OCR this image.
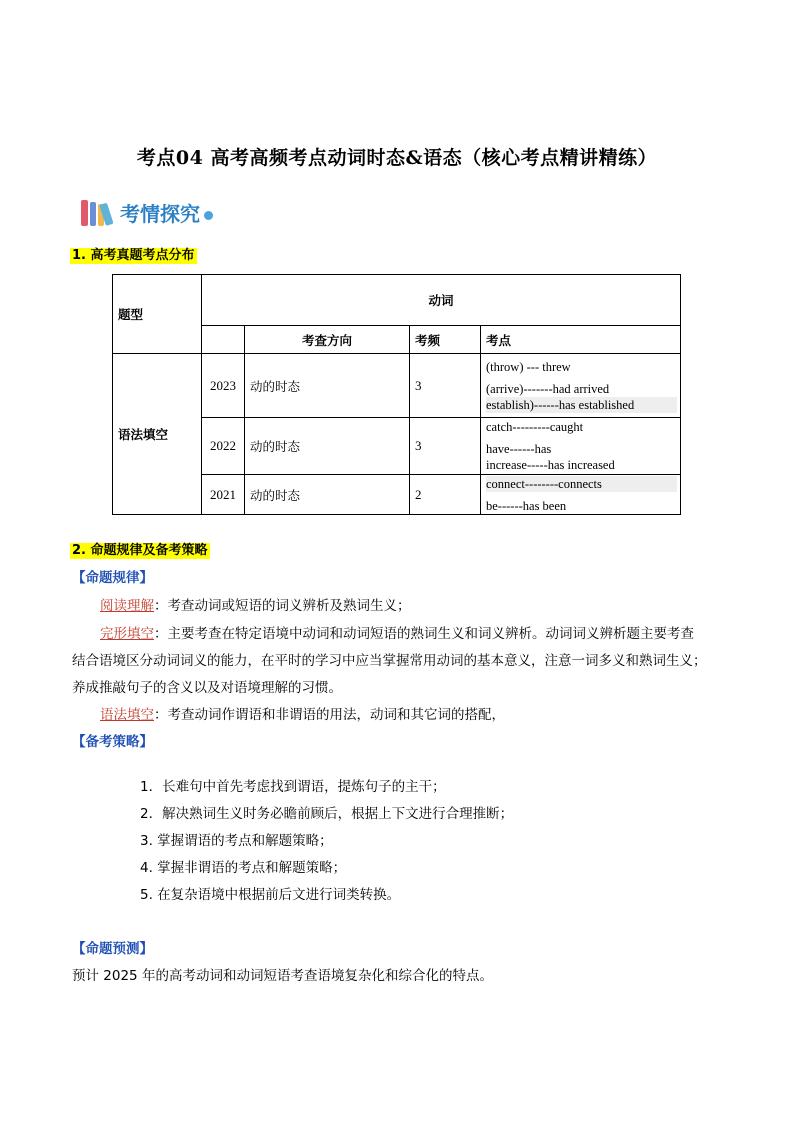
考点04 高考高频考点动词时态&语态（核心考点精讲精练）
考情探究
1. 高考真题考点分布
题型	动词			
		考查方向	考频	考点
语法填空	2023	动的时态	3	(throw) --- threw
(arrive)-------had arrived
establish)------has established

	2022	动的时态	3	catch---------caught
have------has
increase-----has increased

	2021	动的时态	2	connect--------connects
be------has been
2. 命题规律及备考策略
【命题规律】
阅读理解：考查动词或短语的词义辨析及熟词生义；
完形填空：主要考查在特定语境中动词和动词短语的熟词生义和词义辨析。动词词义辨析题主要考查
结合语境区分动词词义的能力，在平时的学习中应当掌握常用动词的基本意义，注意一词多义和熟词生义；
养成推敲句子的含义以及对语境理解的习惯。
语法填空：考查动词作谓语和非谓语的用法，动词和其它词的搭配，
【备考策略】
1．长难句中首先考虑找到谓语，提炼句子的主干；
2．解决熟词生义时务必瞻前顾后，根据上下文进行合理推断；
3. 掌握谓语的考点和解题策略；
4. 掌握非谓语的考点和解题策略；
5. 在复杂语境中根据前后文进行词类转换。
【命题预测】
预计 2025 年的高考动词和动词短语考查语境复杂化和综合化的特点。
